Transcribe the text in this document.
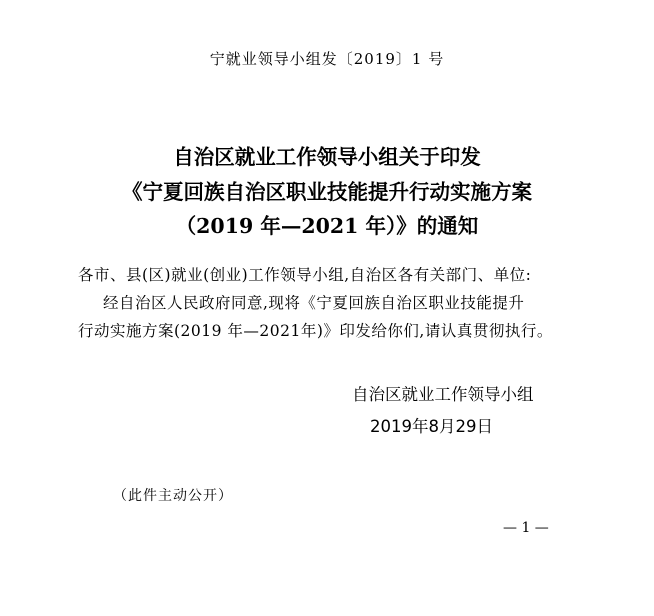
宁就业领导小组发〔2019〕1 号
自治区就业工作领导小组关于印发
《宁夏回族自治区职业技能提升行动实施方案
（2019 年—2021 年）》的通知
各市、县(区)就业(创业)工作领导小组,自治区各有关部门、单位:
经自治区人民政府同意,现将《宁夏回族自治区职业技能提升
行动实施方案(2019 年—2021年)》印发给你们,请认真贯彻执行。
自治区就业工作领导小组
2019年8月29日
（此件主动公开）
— 1 —
